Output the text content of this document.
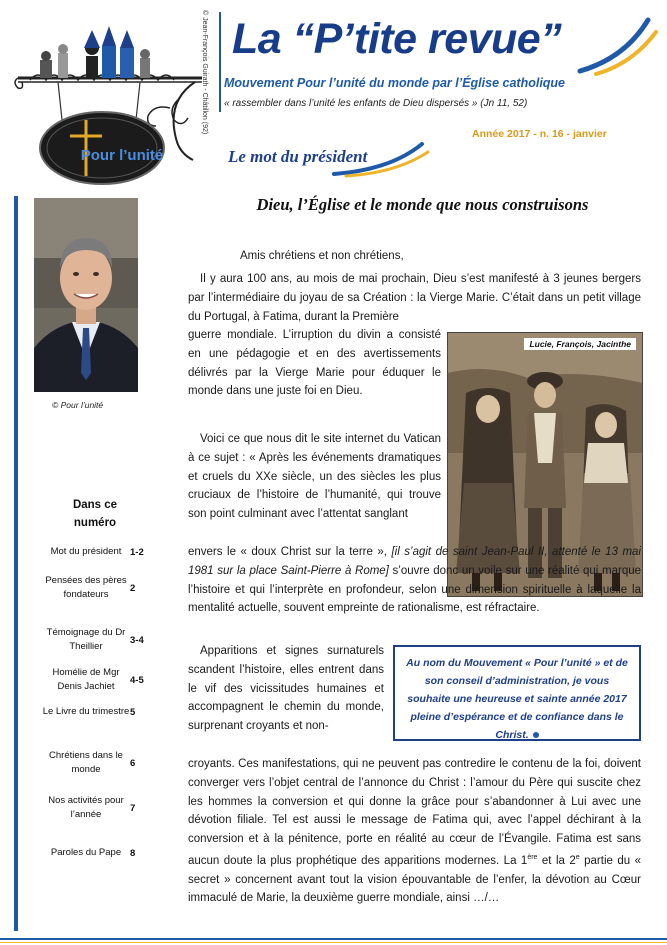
Pour l’unité
© Jean-François Guirath - Châtillon (92) La “P’tite revue”
Mouvement Pour l’unité du monde par l’Église catholique
« rassembler dans l’unité les enfants de Dieu dispersés » (Jn 11, 52)
Année 2017 - n. 16 - janvier
Le mot du président
© Pour l’unité
Dans ce
numéro
Mot du président 1-2
Pensées des pères fondateurs
2
Témoignage du Dr Theillier
3-4
Homélie de Mgr Denis Jachiet
4-5
Le Livre du trimestre 5
Chrétiens dans le monde
6
Nos activités pour l’année
7
Paroles du Pape 8
Dieu, l’Église et le monde que nous construisons
Amis chrétiens et non chrétiens,
Il y aura 100 ans, au mois de mai prochain, Dieu s’est manifesté à 3 jeunes bergers par l’intermédiaire du joyau de sa Création : la Vierge Marie. C’était dans un petit village du Portugal, à Fatima, durant la Première
guerre mondiale. L’irruption du divin a consisté en une pédagogie et en des avertissements délivrés par la Vierge Marie pour éduquer le monde dans une juste foi en Dieu.
Lucie, François, Jacinthe
Voici ce que nous dit le site internet du Vatican à ce sujet : « Après les événements dramatiques et cruels du XXe siècle, un des siècles les plus cruciaux de l’histoire de l’humanité, qui trouve son point culminant avec l’attentat sanglant
envers le « doux Christ sur la terre », [il s’agit de saint Jean-Paul II, attenté le 13 mai 1981 sur la place Saint-Pierre à Rome] s’ouvre donc un voile sur une réalité qui marque l’histoire et qui l’interprète en profondeur, selon une dimension spirituelle à laquelle la mentalité actuelle, souvent empreinte de rationalisme, est réfractaire.
Apparitions et signes surnaturels scandent l’histoire, elles entrent dans le vif des vicissitudes humaines et accompagnent le chemin du monde, surprenant croyants et non-
Au nom du Mouvement « Pour l’unité » et de son conseil d’administration, je vous souhaite une heureuse et sainte année 2017 pleine d’espérance et de confiance dans le Christ.
croyants. Ces manifestations, qui ne peuvent pas contredire le contenu de la foi, doivent converger vers l’objet central de l’annonce du Christ : l’amour du Père qui suscite chez les hommes la conversion et qui donne la grâce pour s’abandonner à Lui avec une dévotion filiale. Tel est aussi le message de Fatima qui, avec l’appel déchirant à la conversion et à la pénitence, porte en réalité au cœur de l’Évangile. Fatima est sans aucun doute la plus prophétique des apparitions modernes. La 1ère et la 2e partie du « secret » concernent avant tout la vision épouvantable de l’enfer, la dévotion au Cœur immaculé de Marie, la deuxième guerre mondiale, ainsi …/…
